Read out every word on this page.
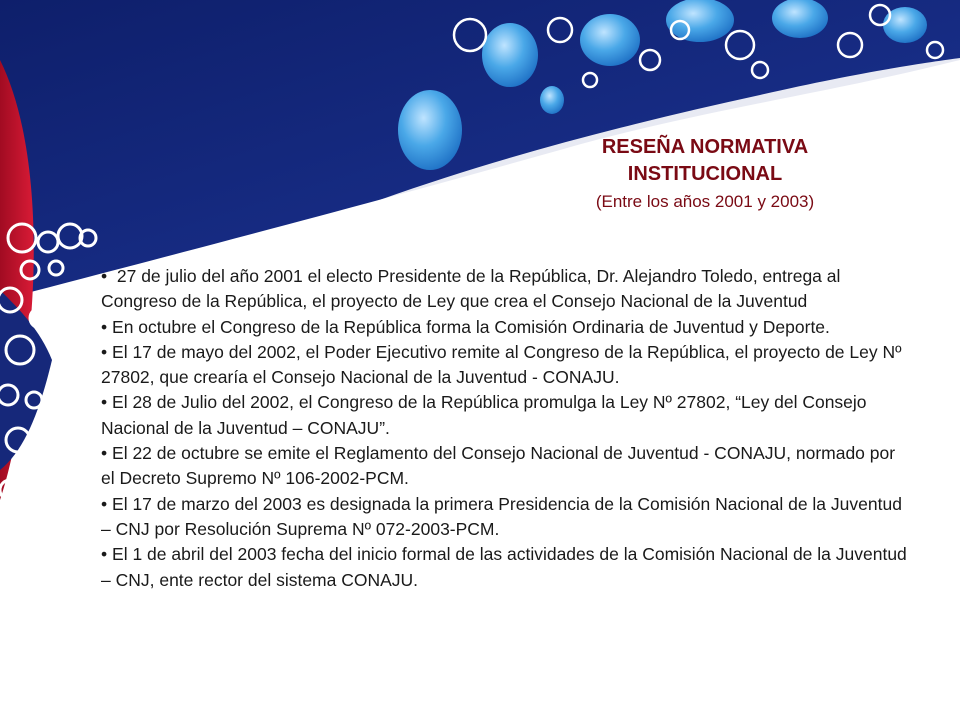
RESEÑA NORMATIVA
INSTITUCIONAL
(Entre los años 2001 y 2003)

• 27 de julio del año 2001 el electo Presidente de la República, Dr. Alejandro Toledo, entrega al Congreso de la República, el proyecto de Ley que crea el Consejo Nacional de la Juventud

• En octubre el Congreso de la República forma la Comisión Ordinaria de Juventud y Deporte.

• El 17 de mayo del 2002, el Poder Ejecutivo remite al Congreso de la República, el proyecto de Ley Nº 27802, que crearía el Consejo Nacional de la Juventud - CONAJU.

• El 28 de Julio del 2002, el Congreso de la República promulga la Ley Nº 27802, “Ley del Consejo Nacional de la Juventud – CONAJU”.

• El 22 de octubre se emite el Reglamento del Consejo Nacional de Juventud - CONAJU, normado por el Decreto Supremo Nº 106-2002-PCM.

• El 17 de marzo del 2003 es designada la primera Presidencia de la Comisión Nacional de la Juventud – CNJ por Resolución Suprema Nº 072-2003-PCM.

• El 1 de abril del 2003 fecha del inicio formal de las actividades de la Comisión Nacional de la Juventud – CNJ, ente rector del sistema CONAJU.
